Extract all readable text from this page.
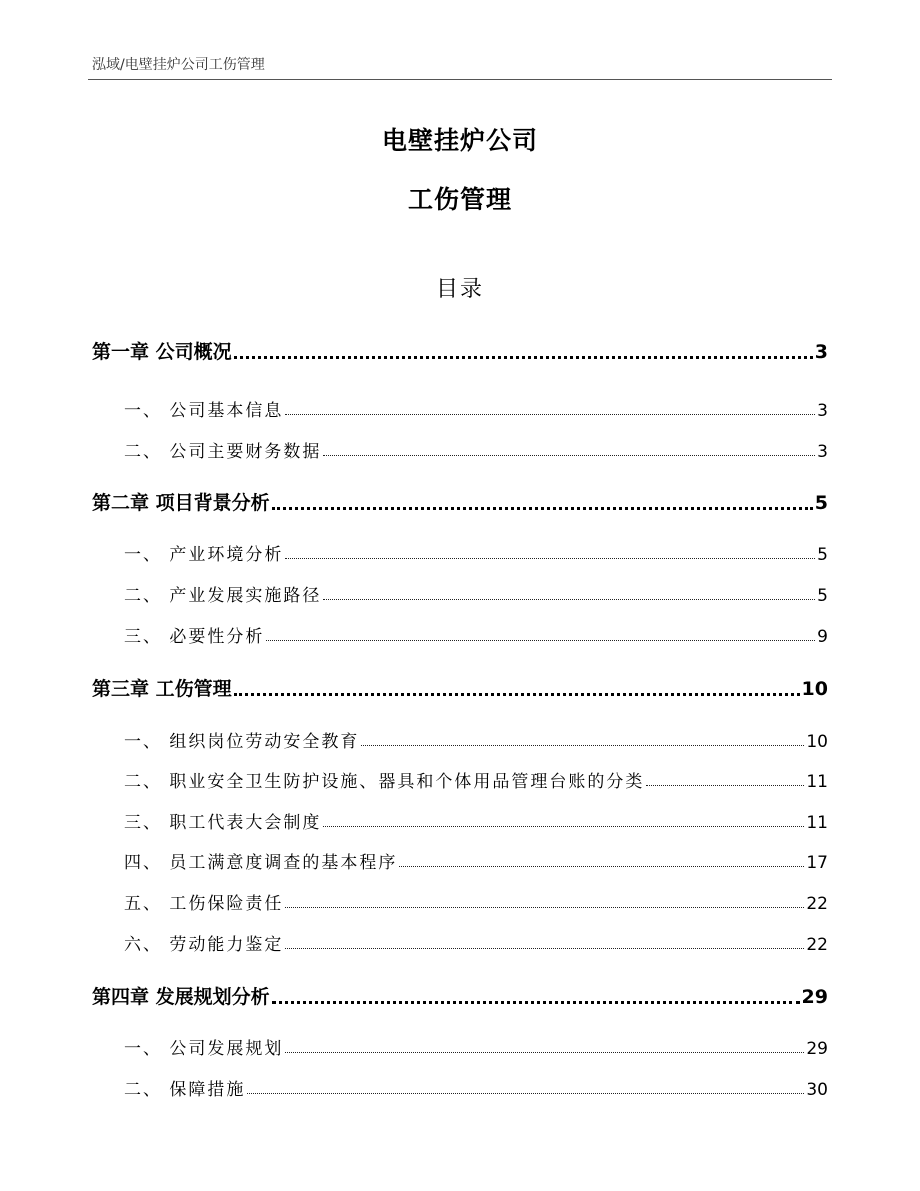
泓域/电壁挂炉公司工伤管理
电壁挂炉公司
工伤管理
目录
第一章 公司概况	3
一、 公司基本信息	3
二、 公司主要财务数据	3
第二章 项目背景分析	5
一、 产业环境分析	5
二、 产业发展实施路径	5
三、 必要性分析	9
第三章 工伤管理	10
一、 组织岗位劳动安全教育	10
二、 职业安全卫生防护设施、器具和个体用品管理台账的分类	11
三、 职工代表大会制度	11
四、 员工满意度调查的基本程序	17
五、 工伤保险责任	22
六、 劳动能力鉴定	22
第四章 发展规划分析	29
一、 公司发展规划	29
二、 保障措施	30
